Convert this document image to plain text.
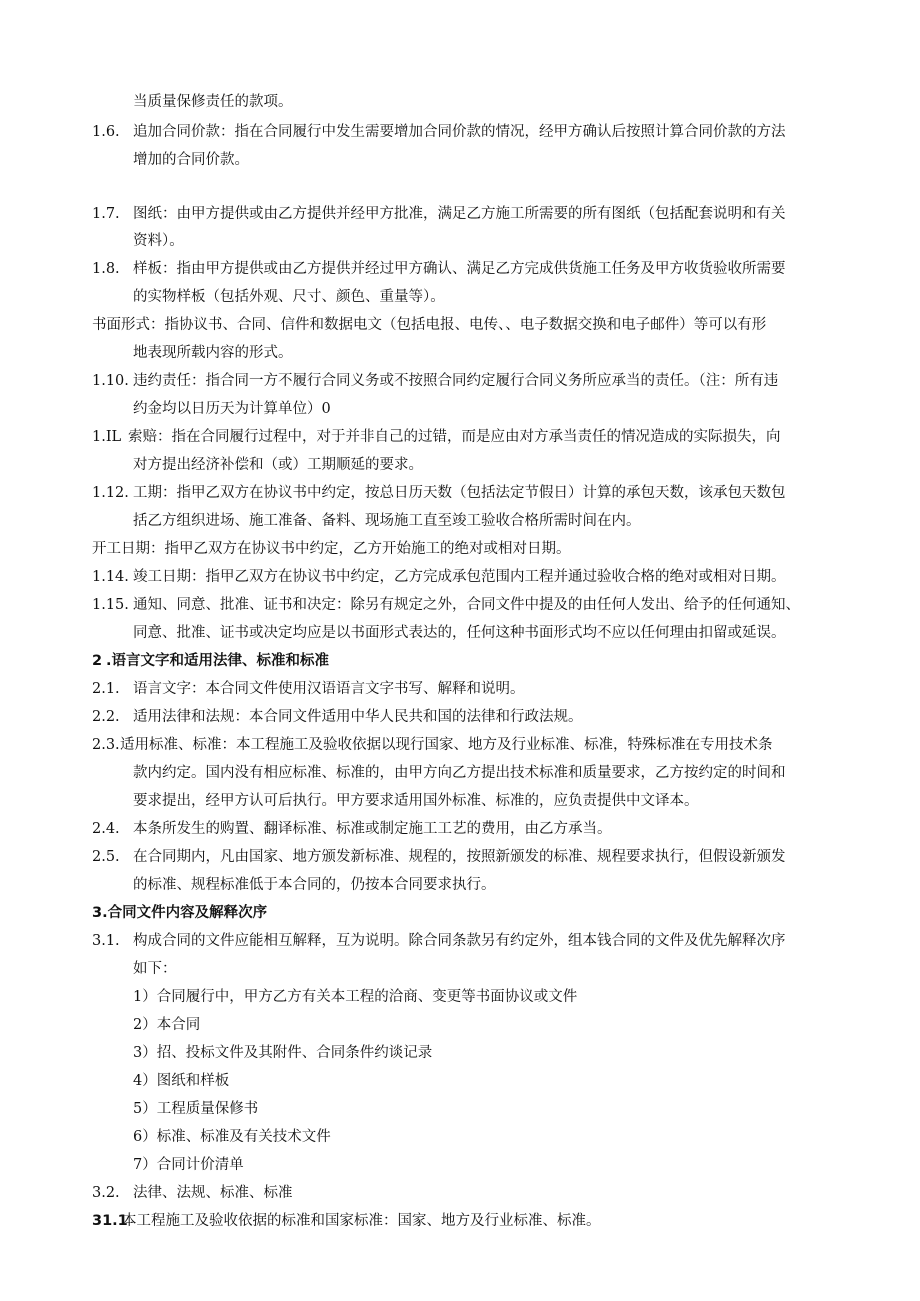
当质量保修责任的款项。
1.6. 追加合同价款：指在合同履行中发生需要增加合同价款的情况，经甲方确认后按照计算合同价款的方法
增加的合同价款。
1.7. 图纸：由甲方提供或由乙方提供并经甲方批准，满足乙方施工所需要的所有图纸（包括配套说明和有关
资料）。
1.8. 样板：指由甲方提供或由乙方提供并经过甲方确认、满足乙方完成供货施工任务及甲方收货验收所需要
的实物样板（包括外观、尺寸、颜色、重量等）。
书面形式：指协议书、合同、信件和数据电文（包括电报、电传、、电子数据交换和电子邮件）等可以有形
地表现所载内容的形式。
1.10. 违约责任：指合同一方不履行合同义务或不按照合同约定履行合同义务所应承当的责任。（注：所有违
约金均以日历天为计算单位）0
1.IL 索赔：指在合同履行过程中，对于并非自己的过错，而是应由对方承当责任的情况造成的实际损失，向
对方提出经济补偿和（或）工期顺延的要求。
1.12. 工期：指甲乙双方在协议书中约定，按总日历天数（包括法定节假日）计算的承包天数，该承包天数包
括乙方组织进场、施工准备、备料、现场施工直至竣工验收合格所需时间在内。
开工日期：指甲乙双方在协议书中约定，乙方开始施工的绝对或相对日期。
1.14. 竣工日期：指甲乙双方在协议书中约定，乙方完成承包范围内工程并通过验收合格的绝对或相对日期。
1.15. 通知、同意、批准、证书和决定：除另有规定之外，合同文件中提及的由任何人发出、给予的任何通知、
同意、批准、证书或决定均应是以书面形式表达的，任何这种书面形式均不应以任何理由扣留或延误。
2 .语言文字和适用法律、标准和标准
2.1. 语言文字：本合同文件使用汉语语言文字书写、解释和说明。
2.2. 适用法律和法规：本合同文件适用中华人民共和国的法律和行政法规。
2.3.适用标准、标准：本工程施工及验收依据以现行国家、地方及行业标准、标准，特殊标准在专用技术条
款内约定。国内没有相应标准、标准的，由甲方向乙方提出技术标准和质量要求，乙方按约定的时间和
要求提出，经甲方认可后执行。甲方要求适用国外标准、标准的，应负责提供中文译本。
2.4. 本条所发生的购置、翻译标准、标准或制定施工工艺的费用，由乙方承当。
2.5. 在合同期内，凡由国家、地方颁发新标准、规程的，按照新颁发的标准、规程要求执行，但假设新颁发
的标准、规程标准低于本合同的，仍按本合同要求执行。
3.合同文件内容及解释次序
3.1. 构成合同的文件应能相互解释，互为说明。除合同条款另有约定外，组本钱合同的文件及优先解释次序
如下：
1）合同履行中，甲方乙方有关本工程的洽商、变更等书面协议或文件
2）本合同
3）招、投标文件及其附件、合同条件约谈记录
4）图纸和样板
5）工程质量保修书
6）标准、标准及有关技术文件
7）合同计价清单
3.2. 法律、法规、标准、标准
31.1本工程施工及验收依据的标准和国家标准：国家、地方及行业标准、标准。
